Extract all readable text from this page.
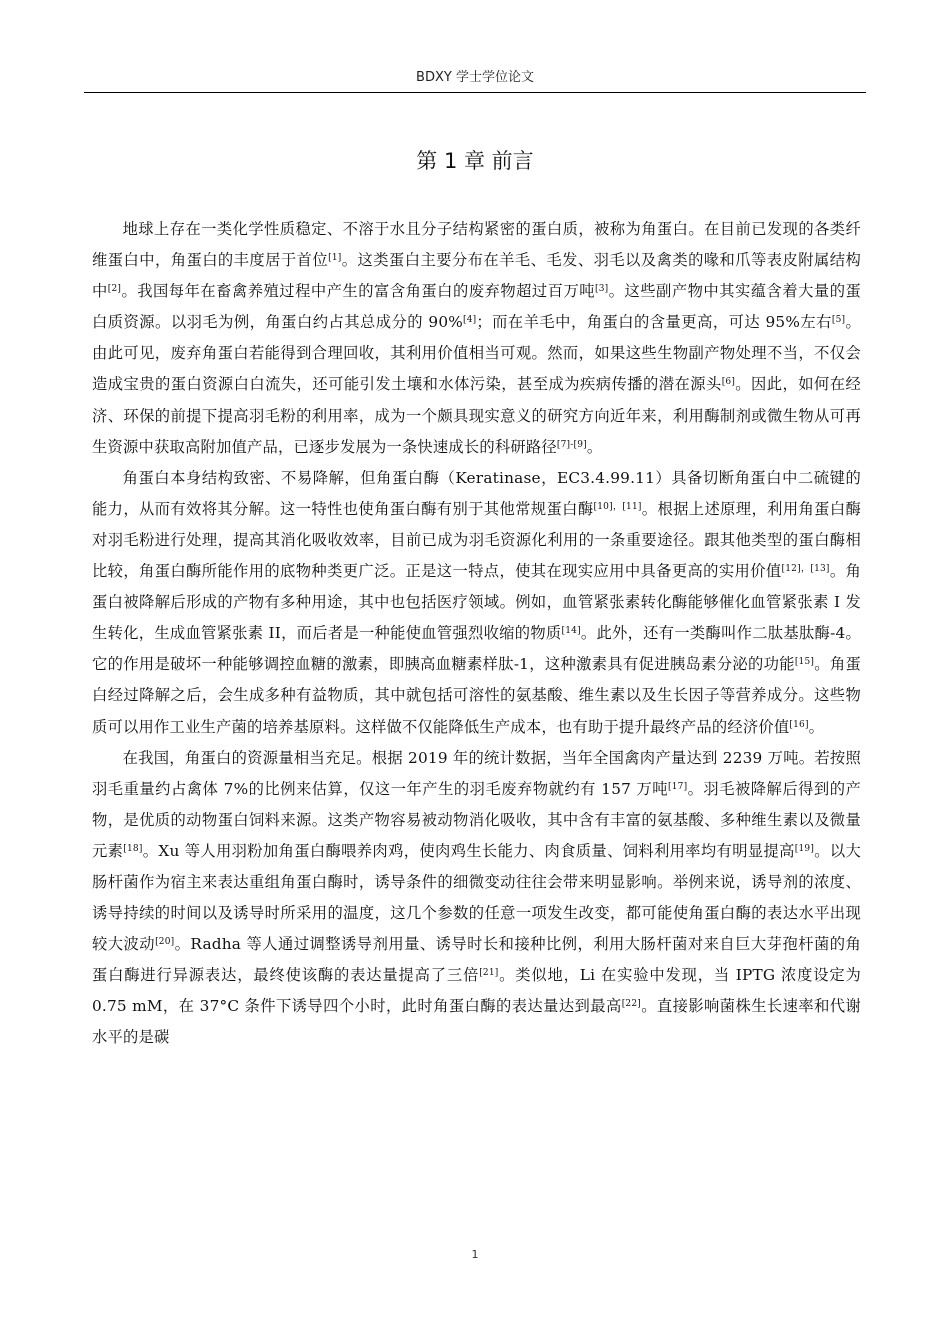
BDXY 学士学位论文
第 1 章 前言

地球上存在一类化学性质稳定、不溶于水且分子结构紧密的蛋白质，被称为角蛋白。在目前已发现的各类纤维蛋白中，角蛋白的丰度居于首位[1]。这类蛋白主要分布在羊毛、毛发、羽毛以及禽类的喙和爪等表皮附属结构中[2]。我国每年在畜禽养殖过程中产生的富含角蛋白的废弃物超过百万吨[3]。这些副产物中其实蕴含着大量的蛋白质资源。以羽毛为例，角蛋白约占其总成分的 90%[4]；而在羊毛中，角蛋白的含量更高，可达 95%左右[5]。由此可见，废弃角蛋白若能得到合理回收，其利用价值相当可观。然而，如果这些生物副产物处理不当，不仅会造成宝贵的蛋白资源白白流失，还可能引发土壤和水体污染，甚至成为疾病传播的潜在源头[6]。因此，如何在经济、环保的前提下提高羽毛粉的利用率，成为一个颇具现实意义的研究方向近年来，利用酶制剂或微生物从可再生资源中获取高附加值产品，已逐步发展为一条快速成长的科研路径[7]-[9]。

角蛋白本身结构致密、不易降解，但角蛋白酶（Keratinase，EC3.4.99.11）具备切断角蛋白中二硫键的能力，从而有效将其分解。这一特性也使角蛋白酶有别于其他常规蛋白酶[10]，[11]。根据上述原理，利用角蛋白酶对羽毛粉进行处理，提高其消化吸收效率，目前已成为羽毛资源化利用的一条重要途径。跟其他类型的蛋白酶相比较，角蛋白酶所能作用的底物种类更广泛。正是这一特点，使其在现实应用中具备更高的实用价值[12]，[13]。角蛋白被降解后形成的产物有多种用途，其中也包括医疗领域。例如，血管紧张素转化酶能够催化血管紧张素 I 发生转化，生成血管紧张素 II，而后者是一种能使血管强烈收缩的物质[14]。此外，还有一类酶叫作二肽基肽酶-4。它的作用是破坏一种能够调控血糖的激素，即胰高血糖素样肽-1，这种激素具有促进胰岛素分泌的功能[15]。角蛋白经过降解之后，会生成多种有益物质，其中就包括可溶性的氨基酸、维生素以及生长因子等营养成分。这些物质可以用作工业生产菌的培养基原料。这样做不仅能降低生产成本，也有助于提升最终产品的经济价值[16]。

在我国，角蛋白的资源量相当充足。根据 2019 年的统计数据，当年全国禽肉产量达到 2239 万吨。若按照羽毛重量约占禽体 7%的比例来估算，仅这一年产生的羽毛废弃物就约有 157 万吨[17]。羽毛被降解后得到的产物，是优质的动物蛋白饲料来源。这类产物容易被动物消化吸收，其中含有丰富的氨基酸、多种维生素以及微量元素[18]。Xu 等人用羽粉加角蛋白酶喂养肉鸡，使肉鸡生长能力、肉食质量、饲料利用率均有明显提高[19]。以大肠杆菌作为宿主来表达重组角蛋白酶时，诱导条件的细微变动往往会带来明显影响。举例来说，诱导剂的浓度、诱导持续的时间以及诱导时所采用的温度，这几个参数的任意一项发生改变，都可能使角蛋白酶的表达水平出现较大波动[20]。Radha 等人通过调整诱导剂用量、诱导时长和接种比例，利用大肠杆菌对来自巨大芽孢杆菌的角蛋白酶进行异源表达，最终使该酶的表达量提高了三倍[21]。类似地，Li 在实验中发现，当 IPTG 浓度设定为 0.75 mM，在 37°C 条件下诱导四个小时，此时角蛋白酶的表达量达到最高[22]。直接影响菌株生长速率和代谢水平的是碳

1
